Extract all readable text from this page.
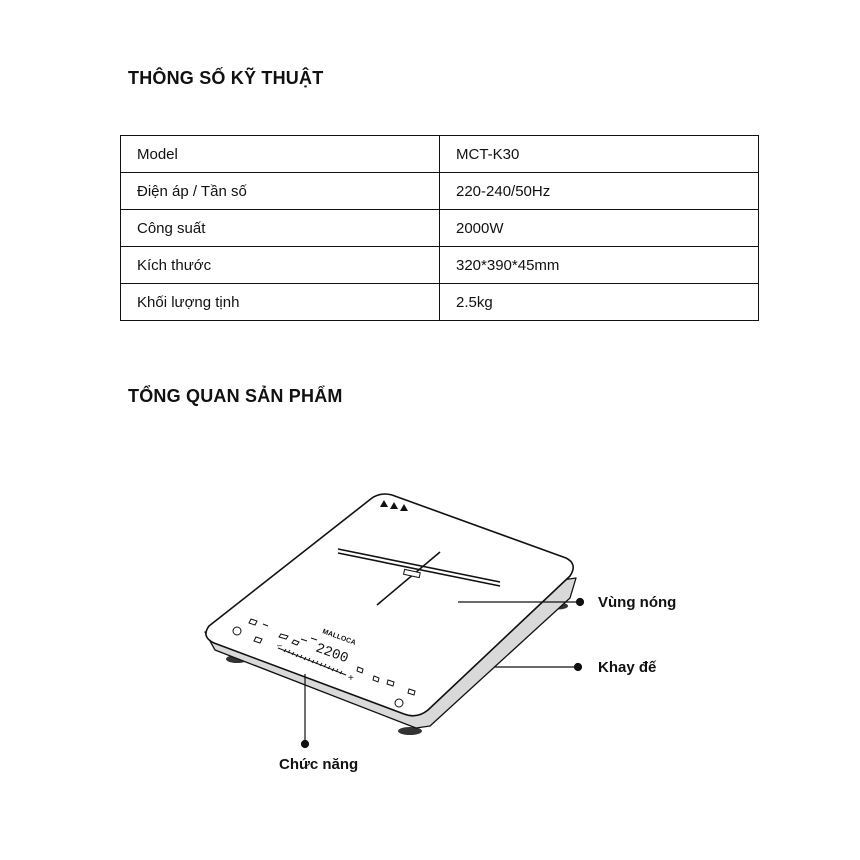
THÔNG SỐ KỸ THUẬT
Model	MCT-K30
Điện áp / Tần số	220-240/50Hz
Công suất	2000W
Kích thước	320*390*45mm
Khối lượng tịnh	2.5kg
TỔNG QUAN SẢN PHẨM
MALLOCA
2200
–
+
Vùng nóng
Khay đế
Chức năng
